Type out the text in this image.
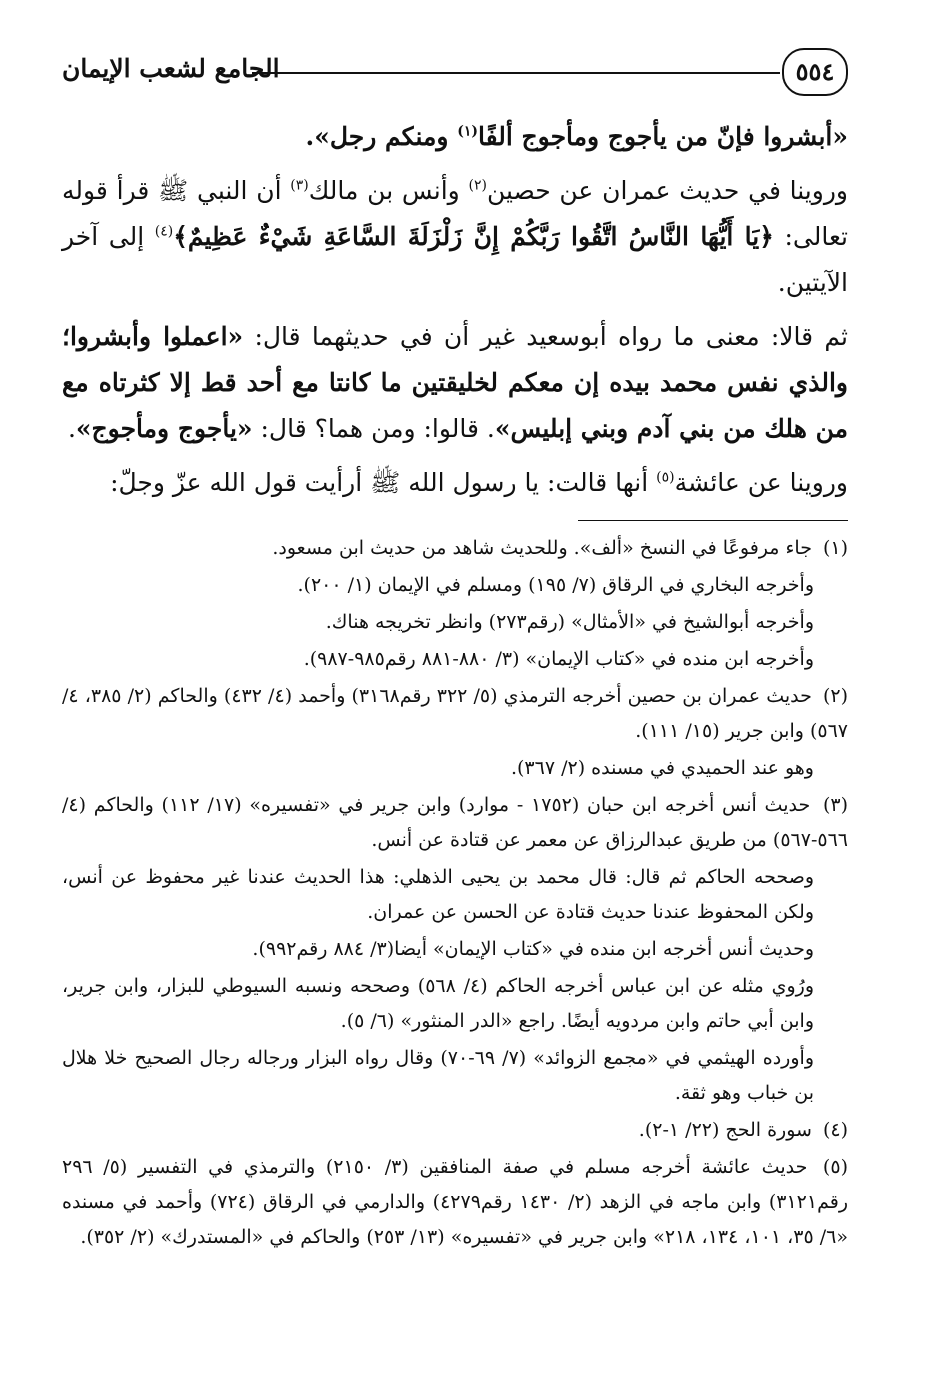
٥٥٤
الجامع لشعب الإيمان

«أبشروا فإنّ من يأجوج ومأجوج ألفًا$^{(١)}$ ومنكم رجل».

وروينا في حديث عمران عن حصين$^{(٢)}$ وأنس بن مالك$^{(٣)}$ أن النبي ﷺ قرأ قوله تعالى: ﴿يَا أَيُّهَا النَّاسُ اتَّقُوا رَبَّكُمْ إِنَّ زَلْزَلَةَ السَّاعَةِ شَيْءٌ عَظِيمٌ﴾$^{(٤)}$ إلى آخر الآيتين.

ثم قالا: معنى ما رواه أبوسعيد غير أن في حديثهما قال: «اعملوا وأبشروا؛ والذي نفس محمد بيده إن معكم لخليقتين ما كانتا مع أحد قط إلا كثرتاه مع من هلك من بني آدم وبني إبليس». قالوا: ومن هما؟ قال: «يأجوج ومأجوج».

وروينا عن عائشة$^{(٥)}$ أنها قالت: يا رسول الله ﷺ أرأيت قول الله عزّ وجلّ:

(١) جاء مرفوعًا في النسخ «ألف». وللحديث شاهد من حديث ابن مسعود.

وأخرجه البخاري في الرقاق (٧/ ١٩٥) ومسلم في الإيمان (١/ ٢٠٠).

وأخرجه أبوالشيخ في «الأمثال» (رقم٢٧٣) وانظر تخريجه هناك.

وأخرجه ابن منده في «كتاب الإيمان» (٣/ ٨٨٠-٨٨١ رقم٩٨٥-٩٨٧).

(٢) حديث عمران بن حصين أخرجه الترمذي (٥/ ٣٢٢ رقم٣١٦٨) وأحمد (٤/ ٤٣٢) والحاكم (٢/ ٣٨٥، ٤/ ٥٦٧) وابن جرير (١٥/ ١١١).

وهو عند الحميدي في مسنده (٢/ ٣٦٧).

(٣) حديث أنس أخرجه ابن حبان (١٧٥٢ - موارد) وابن جرير في «تفسيره» (١٧/ ١١٢) والحاكم (٤/ ٥٦٦-٥٦٧) من طريق عبدالرزاق عن معمر عن قتادة عن أنس.

وصححه الحاكم ثم قال: قال محمد بن يحيى الذهلي: هذا الحديث عندنا غير محفوظ عن أنس، ولكن المحفوظ عندنا حديث قتادة عن الحسن عن عمران.

وحديث أنس أخرجه ابن منده في «كتاب الإيمان» أيضا(٣/ ٨٨٤ رقم٩٩٢).

ورُوي مثله عن ابن عباس أخرجه الحاكم (٤/ ٥٦٨) وصححه ونسبه السيوطي للبزار، وابن جرير، وابن أبي حاتم وابن مردويه أيضًا. راجع «الدر المنثور» (٦/ ٥).

وأورده الهيثمي في «مجمع الزوائد» (٧/ ٦٩-٧٠) وقال رواه البزار ورجاله رجال الصحيح خلا هلال بن خباب وهو ثقة.

(٤) سورة الحج (٢٢/ ١-٢).

(٥) حديث عائشة أخرجه مسلم في صفة المنافقين (٣/ ٢١٥٠) والترمذي في التفسير (٥/ ٢٩٦ رقم٣١٢١) وابن ماجه في الزهد (٢/ ١٤٣٠ رقم٤٢٧٩) والدارمي في الرقاق (٧٢٤) وأحمد في مسنده «٦/ ٣٥، ١٠١، ١٣٤، ٢١٨» وابن جرير في «تفسيره» (١٣/ ٢٥٣) والحاكم في «المستدرك» (٢/ ٣٥٢).
